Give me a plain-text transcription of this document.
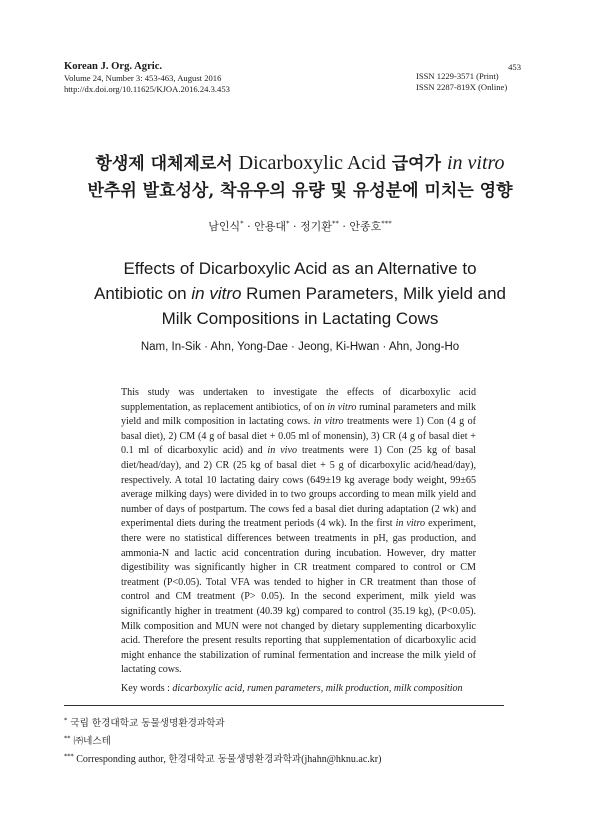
Korean J. Org. Agric.
Volume 24, Number 3: 453-463, August 2016
http://dx.doi.org/10.11625/KJOA.2016.24.3.453
453
ISSN 1229-3571 (Print)
ISSN 2287-819X (Online)
항생제 대체제로서 Dicarboxylic Acid 급여가 in vitro
반추위 발효성상, 착유우의 유량 및 유성분에 미치는 영향
남인식* · 안용대* · 정기환** · 안종호***
Effects of Dicarboxylic Acid as an Alternative to
Antibiotic on in vitro Rumen Parameters, Milk yield and
Milk Compositions in Lactating Cows
Nam, In-Sik · Ahn, Yong-Dae · Jeong, Ki-Hwan · Ahn, Jong-Ho

This study was undertaken to investigate the effects of dicarboxylic acid supplementation, as replacement antibiotics, of on in vitro ruminal parameters and milk yield and milk composition in lactating cows. in vitro treatments were 1) Con (4 g of basal diet), 2) CM (4 g of basal diet + 0.05 ml of monensin), 3) CR (4 g of basal diet + 0.1 ml of dicarboxylic acid) and in vivo treatments were 1) Con (25 kg of basal diet/head/day), and 2) CR (25 kg of basal diet + 5 g of dicarboxylic acid/head/day), respectively. A total 10 lactating dairy cows (649±19 kg average body weight, 99±65 average milking days) were divided in to two groups according to mean milk yield and number of days of postpartum. The cows fed a basal diet during adaptation (2 wk) and experimental diets during the treatment periods (4 wk). In the first in vitro experiment, there were no statistical differences between treatments in pH, gas production, and ammonia-N and lactic acid concentration during incubation. However, dry matter digestibility was significantly higher in CR treatment compared to control or CM treatment (P<0.05). Total VFA was tended to higher in CR treatment than those of control and CM treatment (P> 0.05). In the second experiment, milk yield was significantly higher in treatment (40.39 kg) compared to control (35.19 kg), (P<0.05). Milk composition and MUN were not changed by dietary supplementing dicarboxylic acid. Therefore the present results reporting that supplementation of dicarboxylic acid might enhance the stabilization of ruminal fermentation and increase the milk yield of lactating cows.

Key words : dicarboxylic acid, rumen parameters, milk production, milk composition
* 국립 한경대학교 동물생명환경과학과
** ㈜네스테
*** Corresponding author, 한경대학교 동물생명환경과학과(jhahn@hknu.ac.kr)
